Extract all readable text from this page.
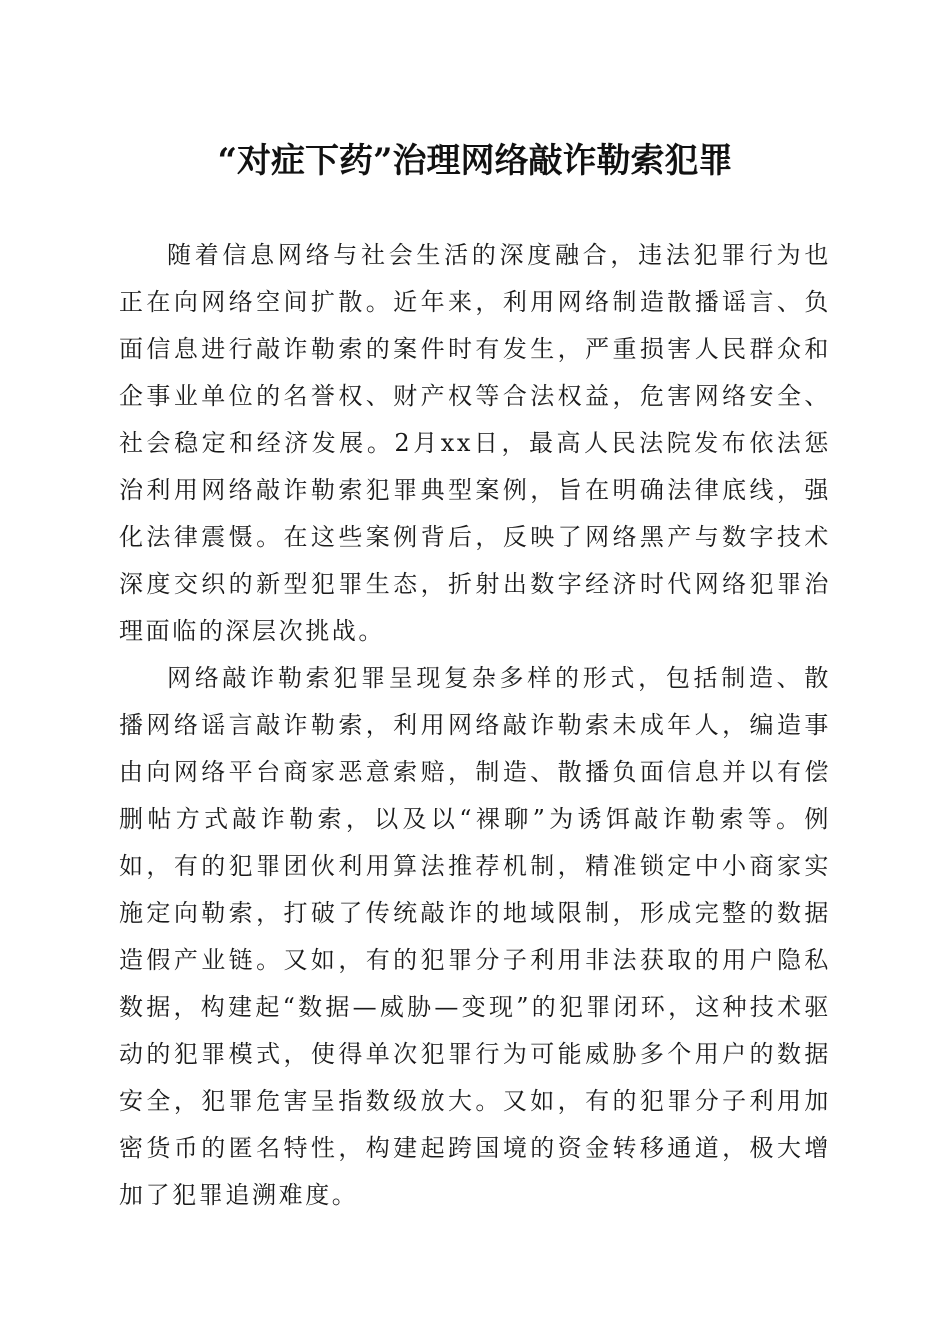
“对症下药”治理网络敲诈勒索犯罪

随着信息网络与社会生活的深度融合，违法犯罪行为也正在向网络空间扩散。近年来，利用网络制造散播谣言、负面信息进行敲诈勒索的案件时有发生，严重损害人民群众和企事业单位的名誉权、财产权等合法权益，危害网络安全、社会稳定和经济发展。2月xx日，最高人民法院发布依法惩治利用网络敲诈勒索犯罪典型案例，旨在明确法律底线，强化法律震慑。在这些案例背后，反映了网络黑产与数字技术深度交织的新型犯罪生态，折射出数字经济时代网络犯罪治理面临的深层次挑战。

网络敲诈勒索犯罪呈现复杂多样的形式，包括制造、散播网络谣言敲诈勒索，利用网络敲诈勒索未成年人，编造事由向网络平台商家恶意索赔，制造、散播负面信息并以有偿删帖方式敲诈勒索，以及以“裸聊”为诱饵敲诈勒索等。例如，有的犯罪团伙利用算法推荐机制，精准锁定中小商家实施定向勒索，打破了传统敲诈的地域限制，形成完整的数据造假产业链。又如，有的犯罪分子利用非法获取的用户隐私数据，构建起“数据—威胁—变现”的犯罪闭环，这种技术驱动的犯罪模式，使得单次犯罪行为可能威胁多个用户的数据安全，犯罪危害呈指数级放大。又如，有的犯罪分子利用加密货币的匿名特性，构建起跨国境的资金转移通道，极大增加了犯罪追溯难度。
